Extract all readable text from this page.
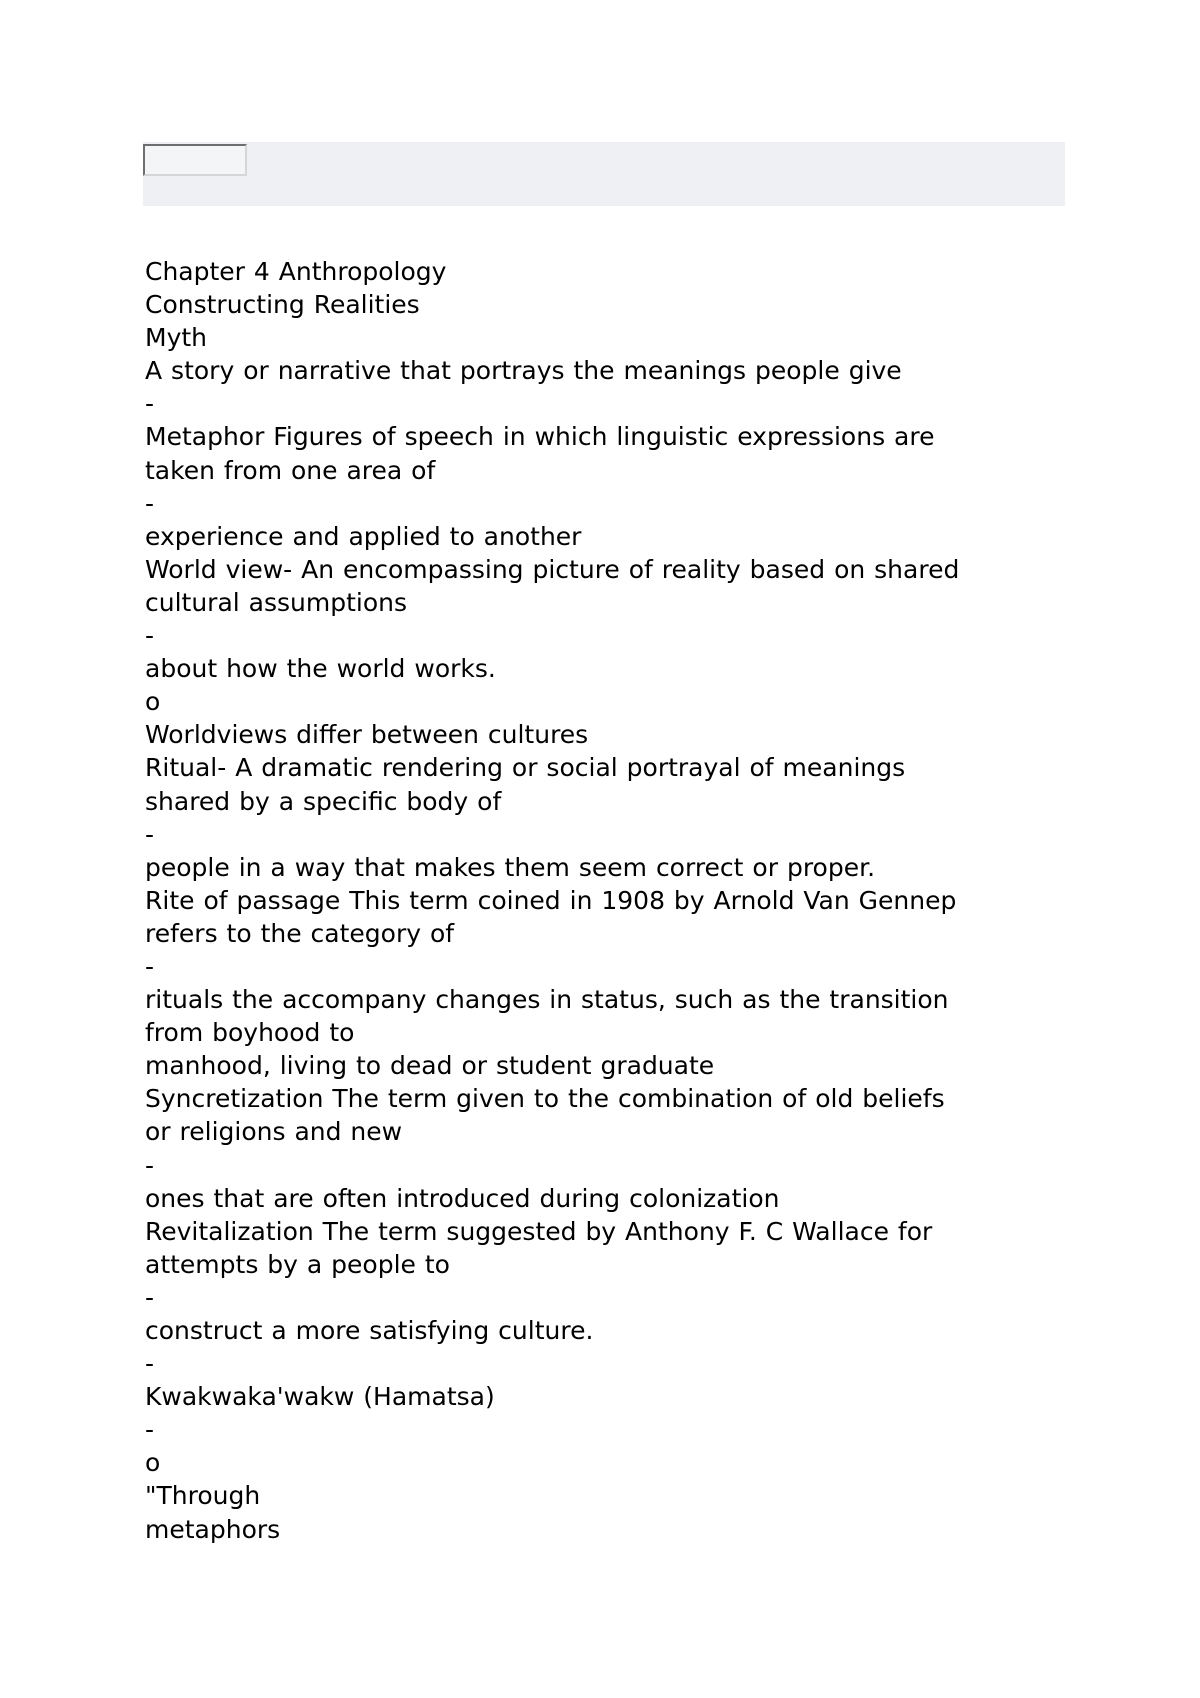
Chapter 4 Anthropology
Constructing Realities
Myth
A story or narrative that portrays the meanings people give
-
Metaphor Figures of speech in which linguistic expressions are
taken from one area of
-
experience and applied to another
World view- An encompassing picture of reality based on shared
cultural assumptions
-
about how the world works.
o
Worldviews differ between cultures
Ritual- A dramatic rendering or social portrayal of meanings
shared by a specific body of
-
people in a way that makes them seem correct or proper.
Rite of passage This term coined in 1908 by Arnold Van Gennep
refers to the category of
-
rituals the accompany changes in status, such as the transition
from boyhood to
manhood, living to dead or student graduate
Syncretization The term given to the combination of old beliefs
or religions and new
-
ones that are often introduced during colonization
Revitalization The term suggested by Anthony F. C Wallace for
attempts by a people to
-
construct a more satisfying culture.
-
Kwakwaka'wakw (Hamatsa)
-
o
"Through
metaphors
